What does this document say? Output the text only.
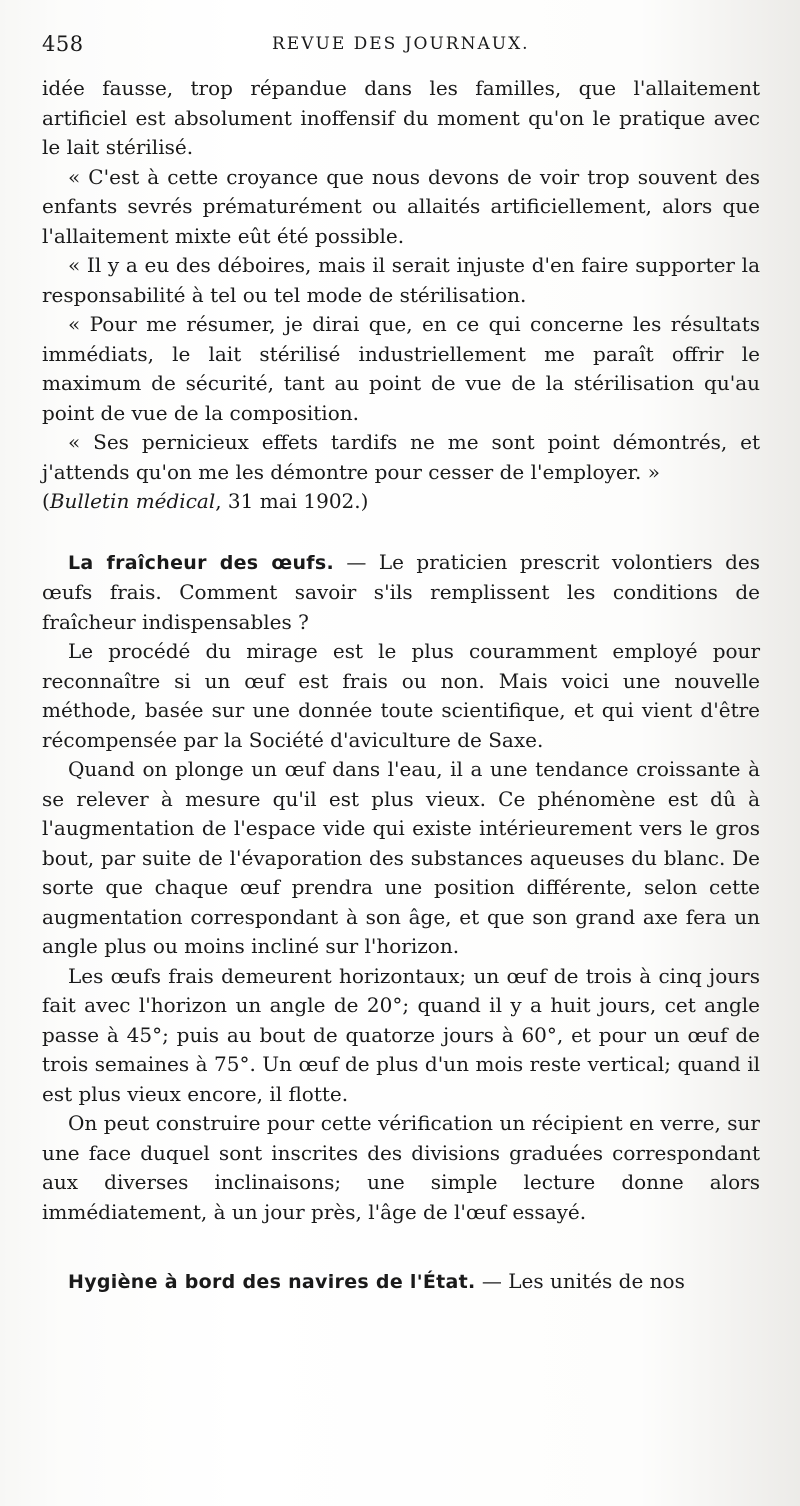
458	REVUE DES JOURNAUX.

idée fausse, trop répandue dans les familles, que l'allaitement artificiel est absolument inoffensif du moment qu'on le pratique avec le lait stérilisé.

« C'est à cette croyance que nous devons de voir trop souvent des enfants sevrés prématurément ou allaités artificiellement, alors que l'allaitement mixte eût été possible.

« Il y a eu des déboires, mais il serait injuste d'en faire supporter la responsabilité à tel ou tel mode de stérilisation.

« Pour me résumer, je dirai que, en ce qui concerne les résultats immédiats, le lait stérilisé industriellement me paraît offrir le maximum de sécurité, tant au point de vue de la stérilisation qu'au point de vue de la composition.

« Ses pernicieux effets tardifs ne me sont point démontrés, et j'attends qu'on me les démontre pour cesser de l'employer. »

(Bulletin médical, 31 mai 1902.)

La fraîcheur des œufs. — Le praticien prescrit volontiers des œufs frais. Comment savoir s'ils remplissent les conditions de fraîcheur indispensables ?

Le procédé du mirage est le plus couramment employé pour reconnaître si un œuf est frais ou non. Mais voici une nouvelle méthode, basée sur une donnée toute scientifique, et qui vient d'être récompensée par la Société d'aviculture de Saxe.

Quand on plonge un œuf dans l'eau, il a une tendance croissante à se relever à mesure qu'il est plus vieux. Ce phénomène est dû à l'augmentation de l'espace vide qui existe intérieurement vers le gros bout, par suite de l'évaporation des substances aqueuses du blanc. De sorte que chaque œuf prendra une position différente, selon cette augmentation correspondant à son âge, et que son grand axe fera un angle plus ou moins incliné sur l'horizon.

Les œufs frais demeurent horizontaux; un œuf de trois à cinq jours fait avec l'horizon un angle de 20°; quand il y a huit jours, cet angle passe à 45°; puis au bout de quatorze jours à 60°, et pour un œuf de trois semaines à 75°. Un œuf de plus d'un mois reste vertical; quand il est plus vieux encore, il flotte.

On peut construire pour cette vérification un récipient en verre, sur une face duquel sont inscrites des divisions graduées correspondant aux diverses inclinaisons; une simple lecture donne alors immédiatement, à un jour près, l'âge de l'œuf essayé.

Hygiène à bord des navires de l'État. — Les unités de nos
